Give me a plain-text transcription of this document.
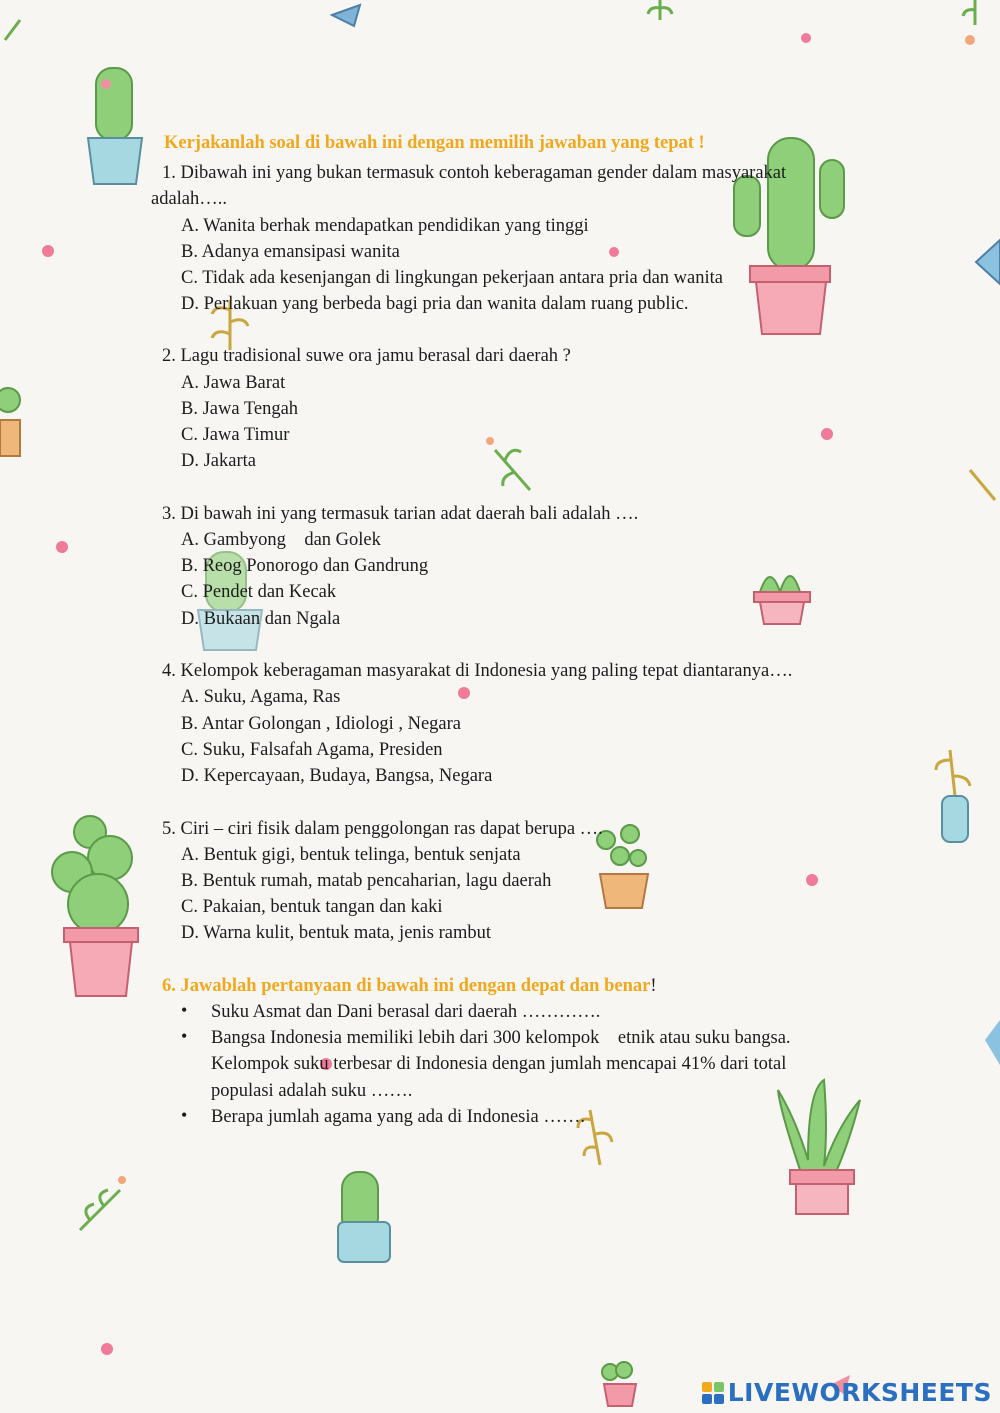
Kerjakanlah soal di bawah ini dengan memilih jawaban yang tepat !
1. Dibawah ini yang bukan termasuk contoh keberagaman gender dalam masyarakat
adalah…..
A. Wanita berhak mendapatkan pendidikan yang tinggi
B. Adanya emansipasi wanita
C. Tidak ada kesenjangan di lingkungan pekerjaan antara pria dan wanita
D. Perlakuan yang berbeda bagi pria dan wanita dalam ruang public.
2. Lagu tradisional suwe ora jamu berasal dari daerah ?
A. Jawa Barat
B. Jawa Tengah
C. Jawa Timur
D. Jakarta
3. Di bawah ini yang termasuk tarian adat daerah bali adalah ….
A. Gambyong    dan Golek
B. Reog Ponorogo dan Gandrung
C. Pendet dan Kecak
D. Bukaan dan Ngala
4. Kelompok keberagaman masyarakat di Indonesia yang paling tepat diantaranya….
A. Suku, Agama, Ras
B. Antar Golongan , Idiologi , Negara
C. Suku, Falsafah Agama, Presiden
D. Kepercayaan, Budaya, Bangsa, Negara
5. Ciri – ciri fisik dalam penggolongan ras dapat berupa ….
A. Bentuk gigi, bentuk telinga, bentuk senjata
B. Bentuk rumah, matab pencaharian, lagu daerah
C. Pakaian, bentuk tangan dan kaki
D. Warna kulit, bentuk mata, jenis rambut
6. Jawablah pertanyaan di bawah ini dengan depat dan benar!
• Suku Asmat dan Dani berasal dari daerah ………….
• Bangsa Indonesia memiliki lebih dari 300 kelompok    etnik atau suku bangsa.
Kelompok suku terbesar di Indonesia dengan jumlah mencapai 41% dari total
populasi adalah suku …….
• Berapa jumlah agama yang ada di Indonesia …….
LIVEWORKSHEETS
